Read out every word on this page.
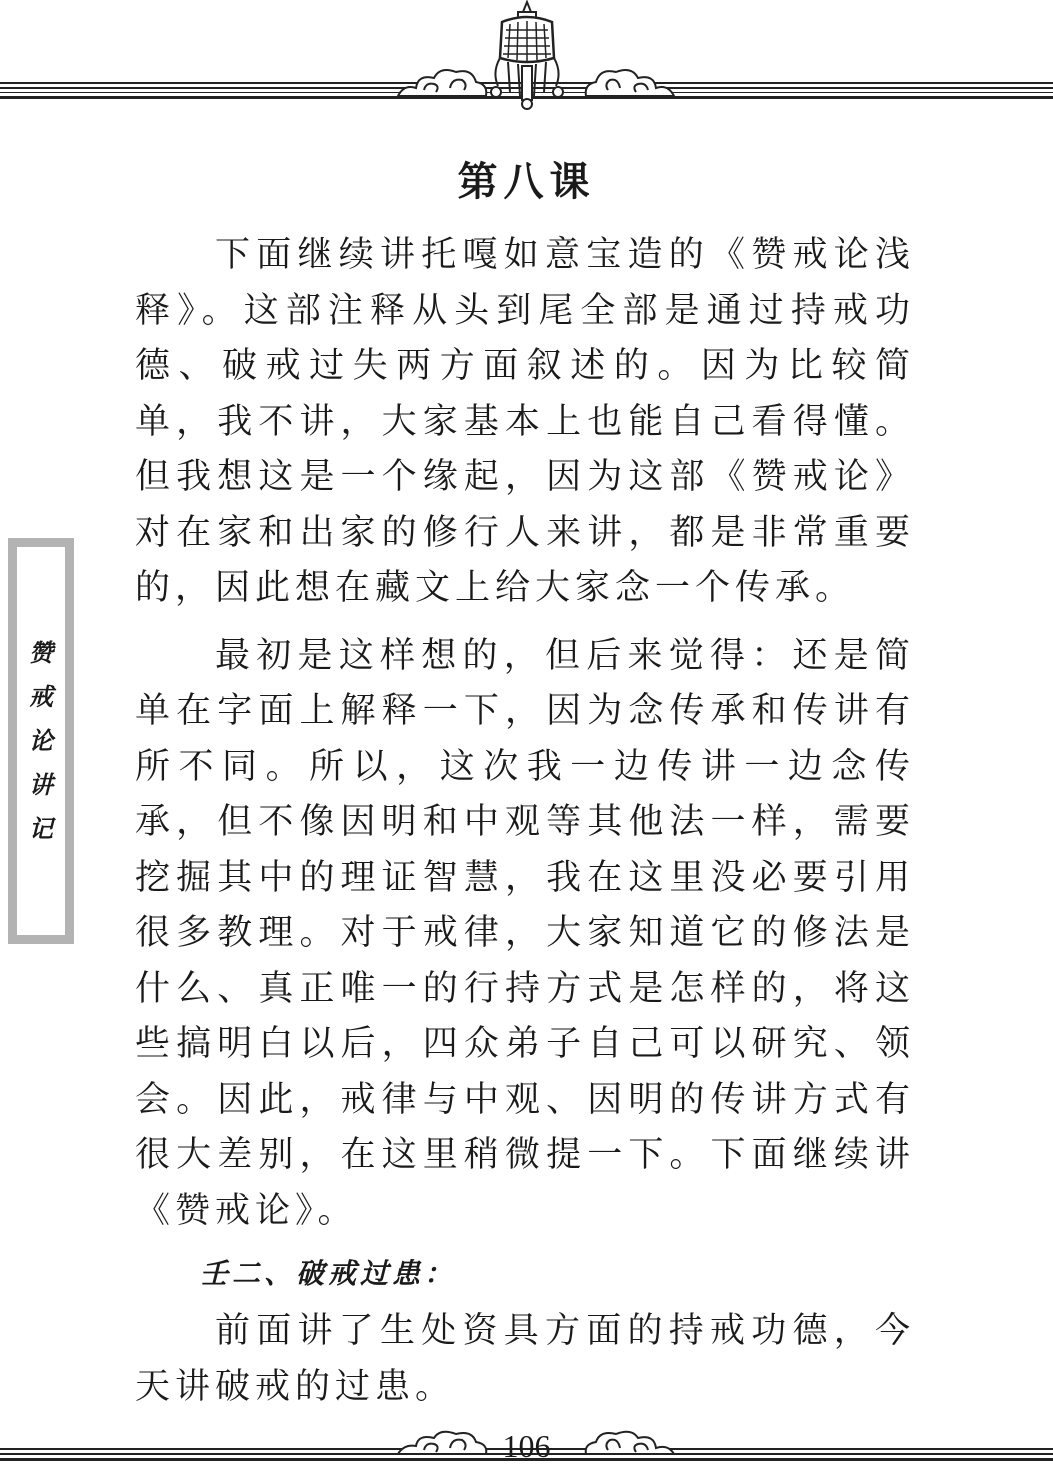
第八课

下面继续讲托嘎如意宝造的《赞戒论浅释》。这部注释从头到尾全部是通过持戒功德、破戒过失两方面叙述的。因为比较简单，我不讲，大家基本上也能自己看得懂。但我想这是一个缘起，因为这部《赞戒论》对在家和出家的修行人来讲，都是非常重要的，因此想在藏文上给大家念一个传承。

最初是这样想的，但后来觉得：还是简单在字面上解释一下，因为念传承和传讲有所不同。所以，这次我一边传讲一边念传承，但不像因明和中观等其他法一样，需要挖掘其中的理证智慧，我在这里没必要引用很多教理。对于戒律，大家知道它的修法是什么、真正唯一的行持方式是怎样的，将这些搞明白以后，四众弟子自己可以研究、领会。因此，戒律与中观、因明的传讲方式有很大差别，在这里稍微提一下。下面继续讲《赞戒论》。

壬二、破戒过患：

前面讲了生处资具方面的持戒功德，今天讲破戒的过患。

赞
戒
论
讲
记
106
